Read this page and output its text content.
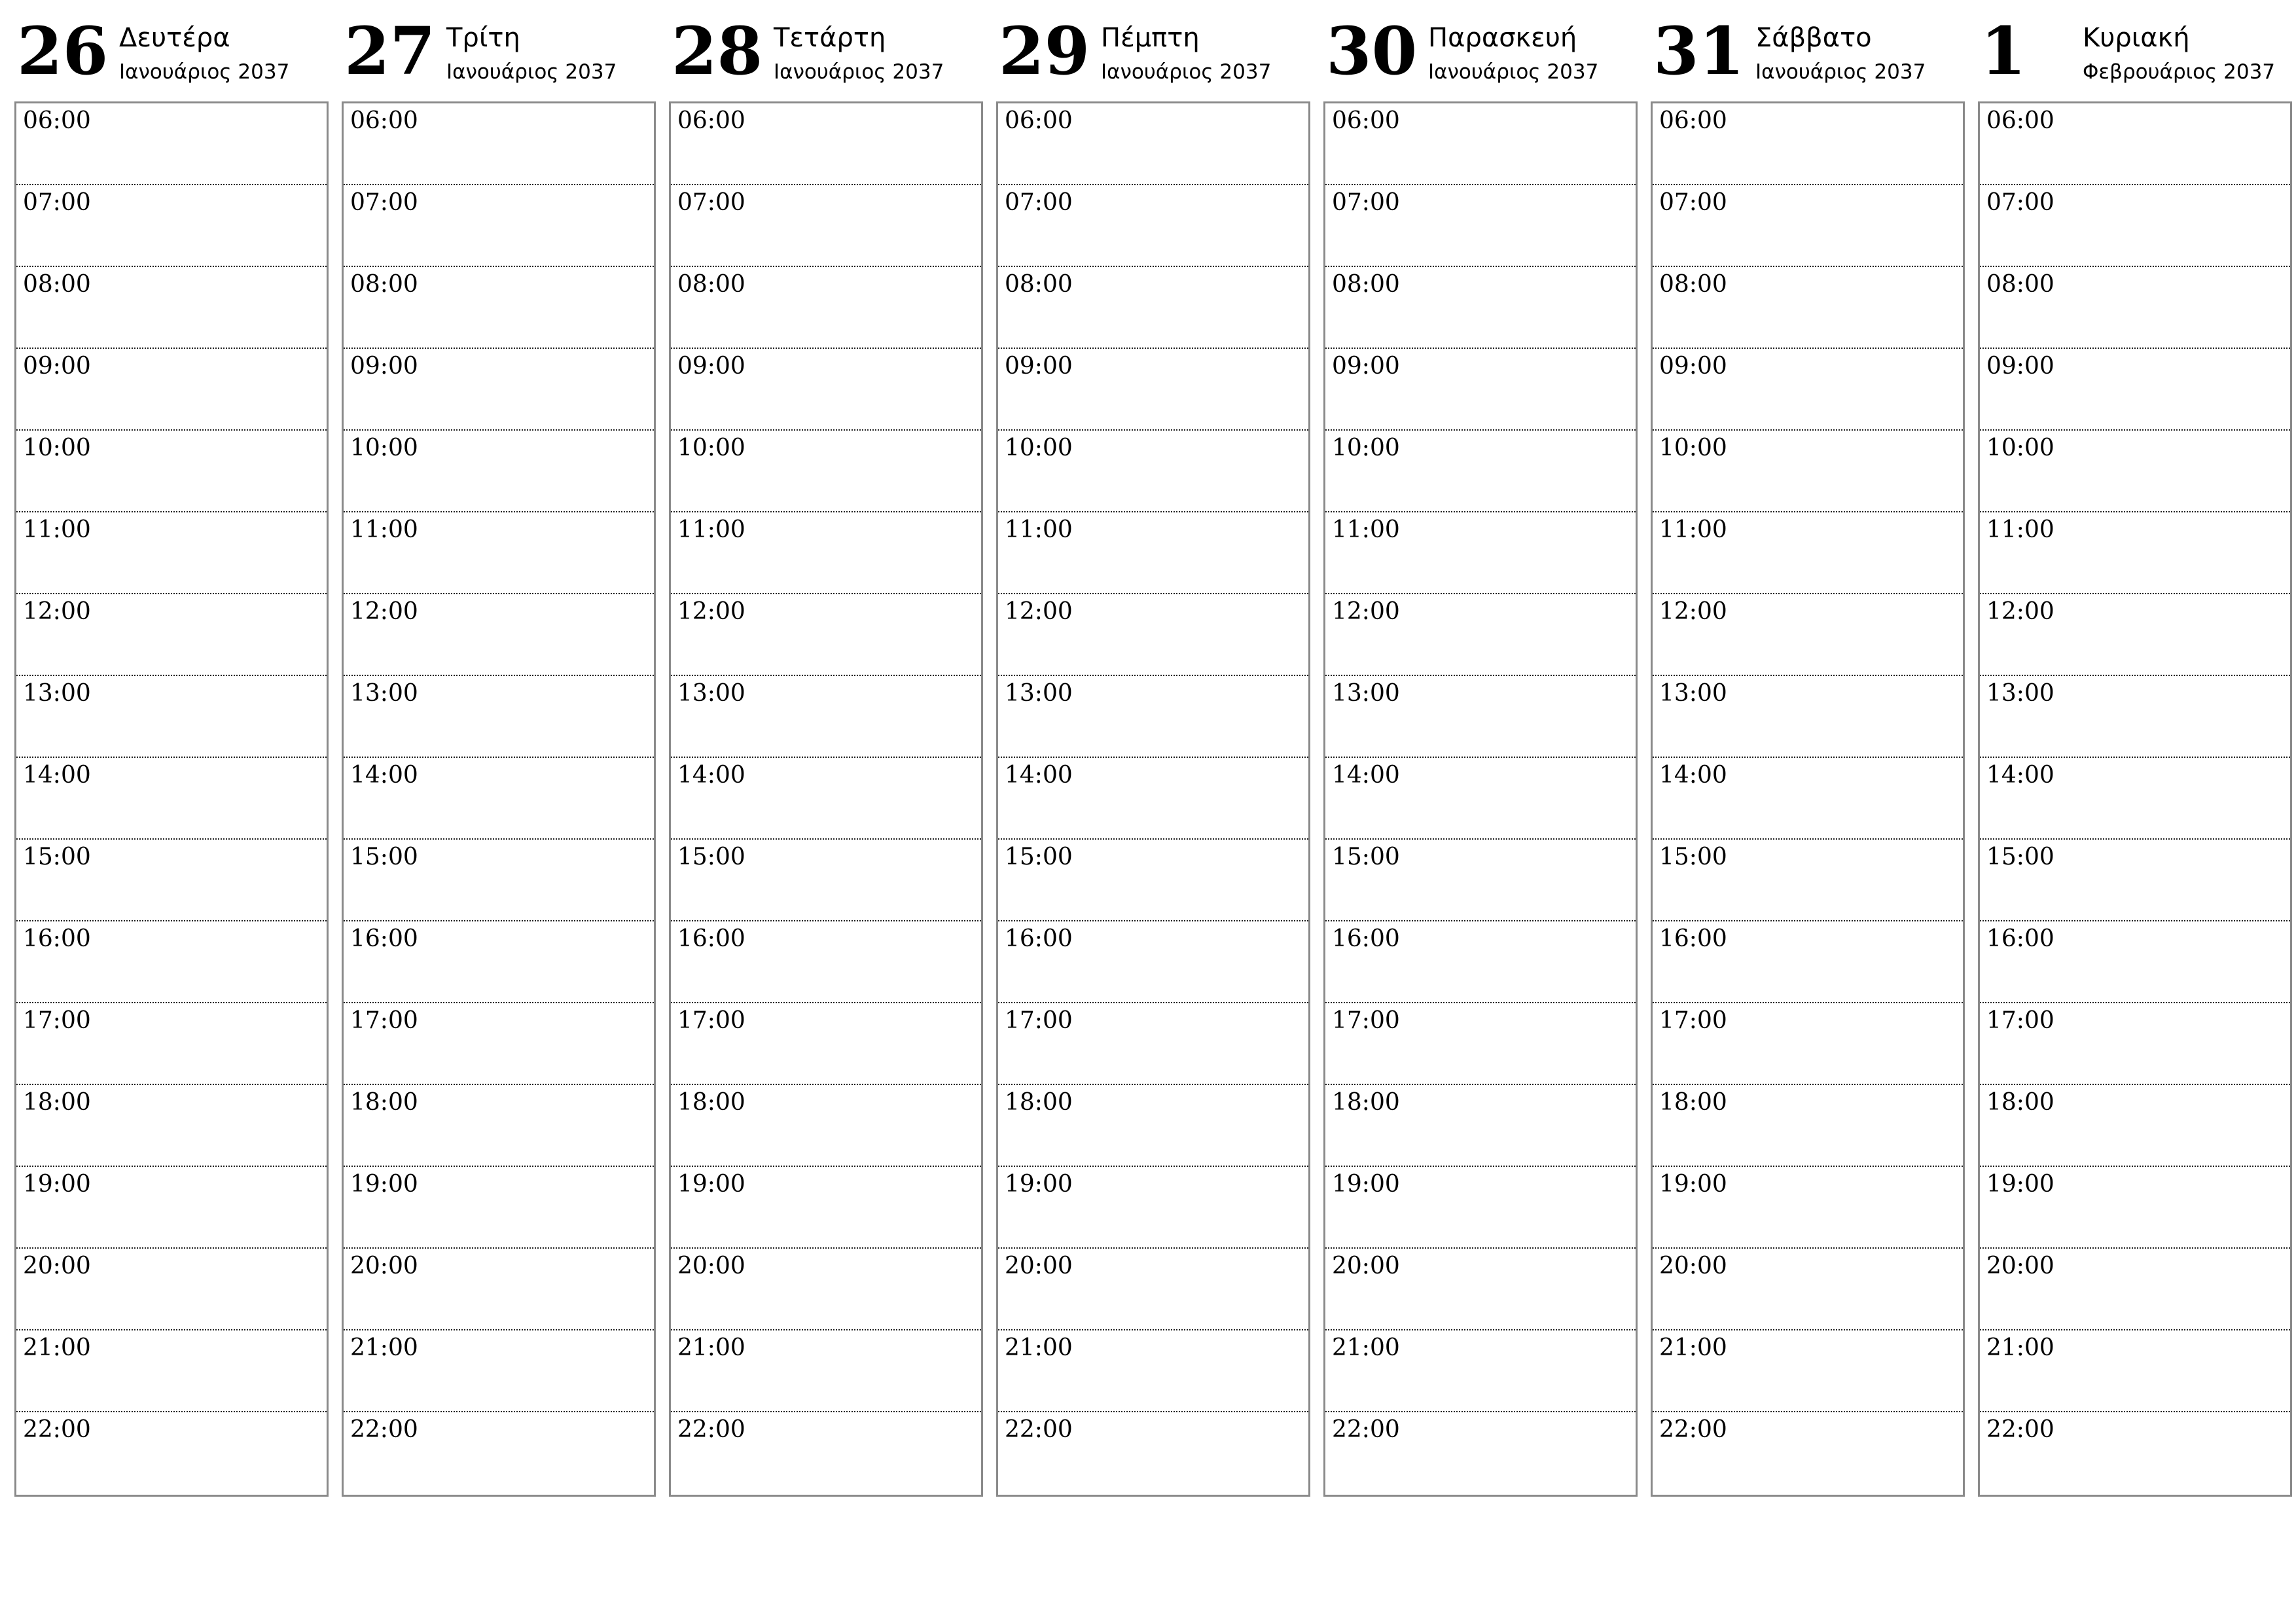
26 Δευτέρα
Ιανουάριος 2037
06:00
07:00
08:00
09:00
10:00
11:00
12:00
13:00
14:00
15:00
16:00
17:00
18:00
19:00
20:00
21:00
22:00
27 Τρίτη
Ιανουάριος 2037
06:00
07:00
08:00
09:00
10:00
11:00
12:00
13:00
14:00
15:00
16:00
17:00
18:00
19:00
20:00
21:00
22:00
28 Τετάρτη
Ιανουάριος 2037
06:00
07:00
08:00
09:00
10:00
11:00
12:00
13:00
14:00
15:00
16:00
17:00
18:00
19:00
20:00
21:00
22:00
29 Πέμπτη
Ιανουάριος 2037
06:00
07:00
08:00
09:00
10:00
11:00
12:00
13:00
14:00
15:00
16:00
17:00
18:00
19:00
20:00
21:00
22:00
30 Παρασκευή
Ιανουάριος 2037
06:00
07:00
08:00
09:00
10:00
11:00
12:00
13:00
14:00
15:00
16:00
17:00
18:00
19:00
20:00
21:00
22:00
31 Σάββατο
Ιανουάριος 2037
06:00
07:00
08:00
09:00
10:00
11:00
12:00
13:00
14:00
15:00
16:00
17:00
18:00
19:00
20:00
21:00
22:00
1 Κυριακή
Φεβρουάριος 2037
06:00
07:00
08:00
09:00
10:00
11:00
12:00
13:00
14:00
15:00
16:00
17:00
18:00
19:00
20:00
21:00
22:00
